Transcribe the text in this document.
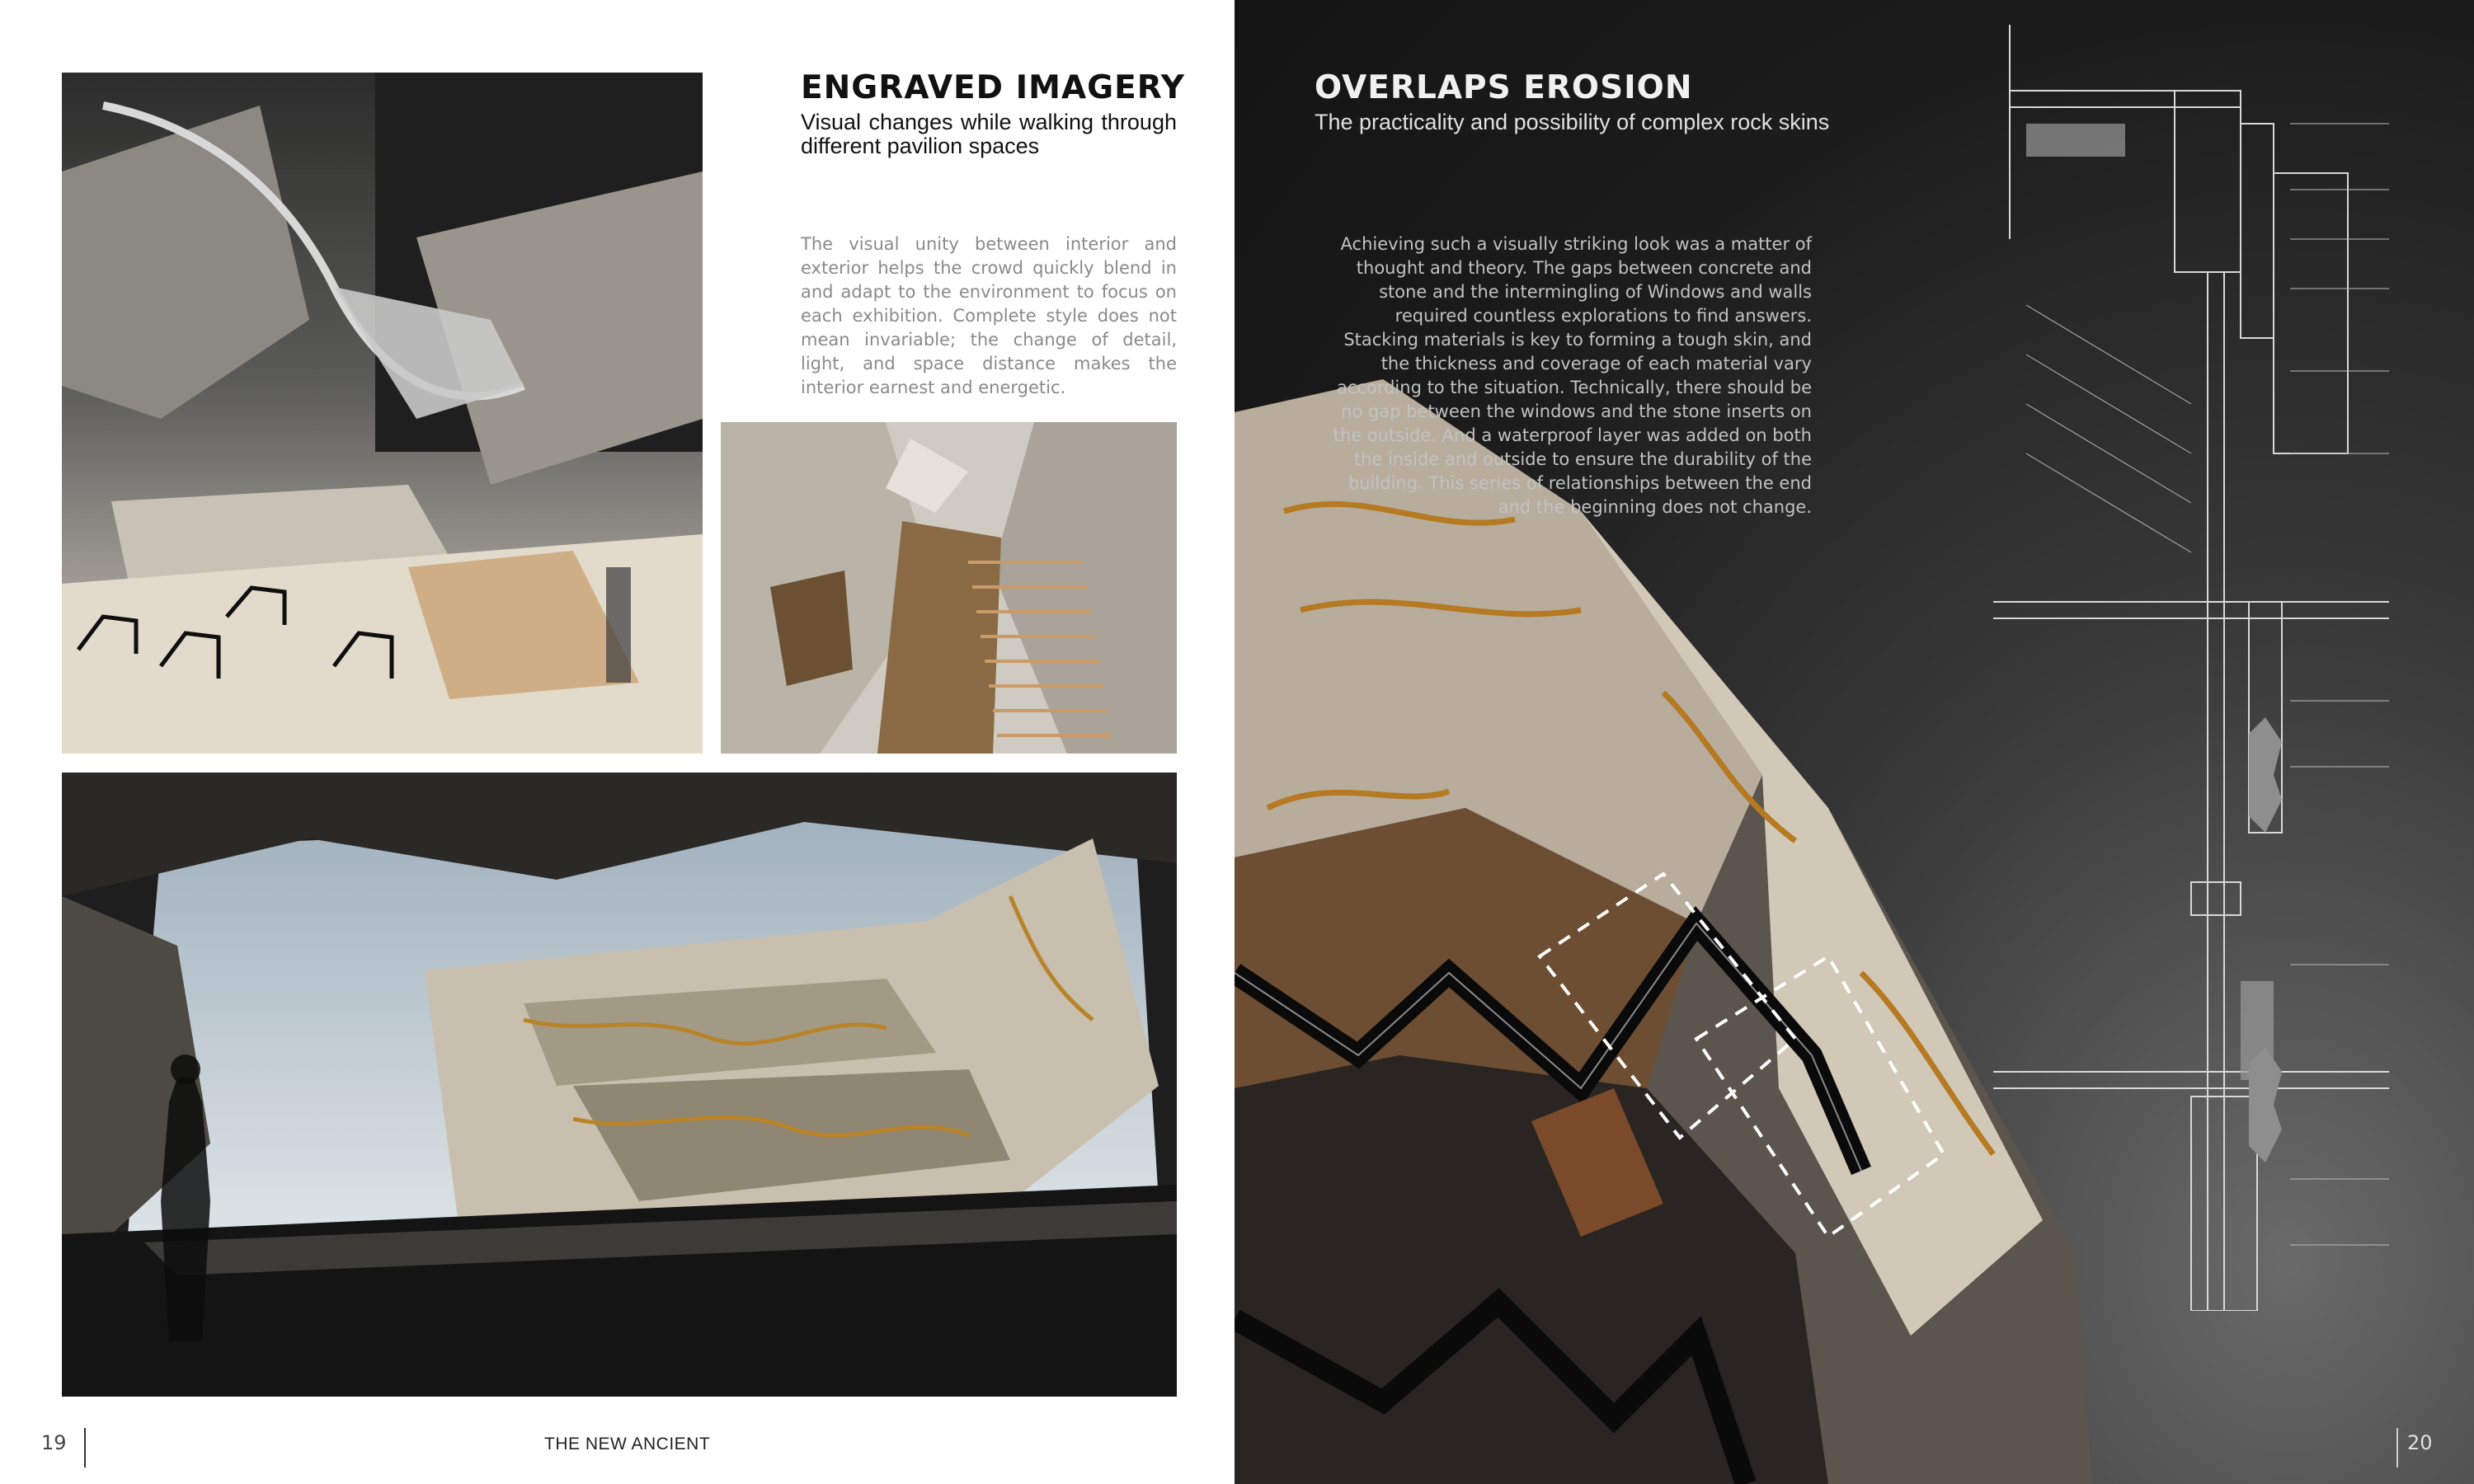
ENGRAVED IMAGERY
Visual changes while walking through different pavilion spaces
The visual unity between interior and exterior helps the crowd quickly blend in and adapt to the environment to focus on each exhibition. Complete style does not mean invariable; the change of detail, light, and space distance makes the interior earnest and energetic.
19	THE NEW ANCIENT
OVERLAPS EROSION
The practicality and possibility of complex rock skins
Achieving such a visually striking look was a matter of thought and theory. The gaps between concrete and stone and the intermingling of Windows and walls required countless explorations to find answers. Stacking materials is key to forming a tough skin, and the thickness and coverage of each material vary according to the situation. Technically, there should be no gap between the windows and the stone inserts on the outside. And a waterproof layer was added on both the inside and outside to ensure the durability of the building. This series of relationships between the end and the beginning does not change.
20
